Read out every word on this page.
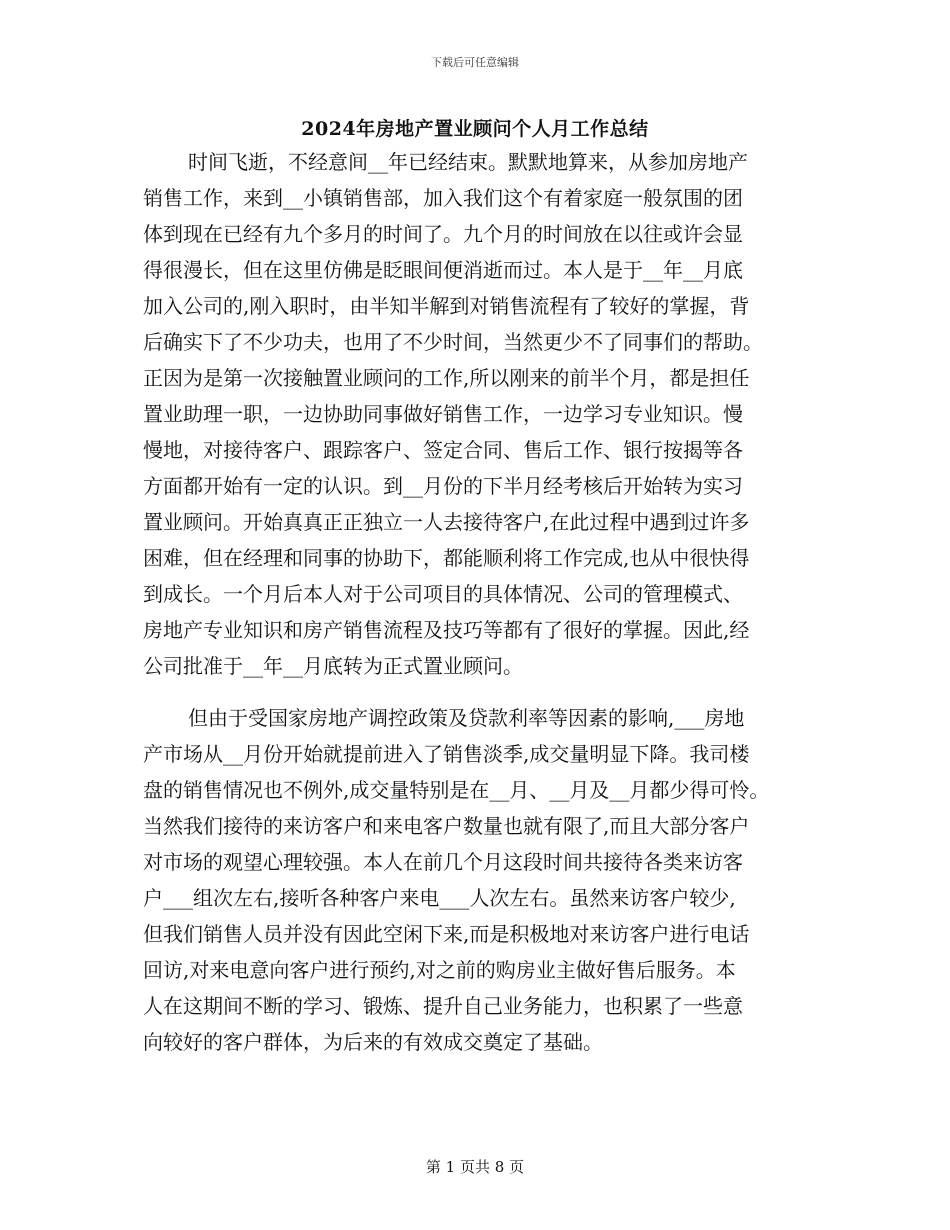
下载后可任意编辑
2024年房地产置业顾问个人月工作总结
时间飞逝，不经意间__年已经结束。默默地算来，从参加房地产
销售工作，来到__小镇销售部，加入我们这个有着家庭一般氛围的团
体到现在已经有九个多月的时间了。九个月的时间放在以往或许会显
得很漫长，但在这里仿佛是眨眼间便消逝而过。本人是于__年__月底
加入公司的,刚入职时，由半知半解到对销售流程有了较好的掌握，背
后确实下了不少功夫，也用了不少时间，当然更少不了同事们的帮助。
正因为是第一次接触置业顾问的工作,所以刚来的前半个月，都是担任
置业助理一职，一边协助同事做好销售工作，一边学习专业知识。慢
慢地，对接待客户、跟踪客户、签定合同、售后工作、银行按揭等各
方面都开始有一定的认识。到__月份的下半月经考核后开始转为实习
置业顾问。开始真真正正独立一人去接待客户,在此过程中遇到过许多
困难，但在经理和同事的协助下，都能顺利将工作完成,也从中很快得
到成长。一个月后本人对于公司项目的具体情况、公司的管理模式、
房地产专业知识和房产销售流程及技巧等都有了很好的掌握。因此,经
公司批准于__年__月底转为正式置业顾问。
但由于受国家房地产调控政策及贷款利率等因素的影响,___房地
产市场从__月份开始就提前进入了销售淡季,成交量明显下降。我司楼
盘的销售情况也不例外,成交量特别是在__月、__月及__月都少得可怜。
当然我们接待的来访客户和来电客户数量也就有限了,而且大部分客户
对市场的观望心理较强。本人在前几个月这段时间共接待各类来访客
户___组次左右,接听各种客户来电___人次左右。虽然来访客户较少,
但我们销售人员并没有因此空闲下来,而是积极地对来访客户进行电话
回访,对来电意向客户进行预约,对之前的购房业主做好售后服务。本
人在这期间不断的学习、锻炼、提升自己业务能力，也积累了一些意
向较好的客户群体，为后来的有效成交奠定了基础。
第 1 页共 8 页
